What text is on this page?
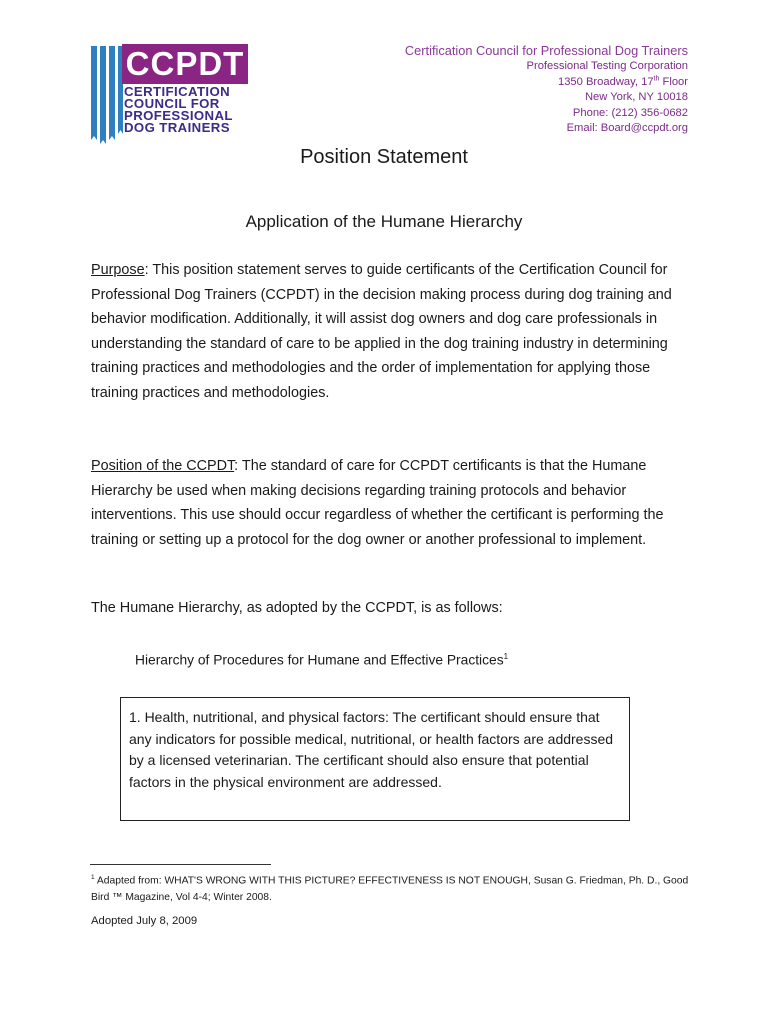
CCPDT
CERTIFICATION
COUNCIL FOR
PROFESSIONAL
DOG TRAINERS
Certification Council for Professional Dog Trainers
Professional Testing Corporation
1350 Broadway, 17th Floor
New York, NY 10018
Phone: (212) 356-0682
Email: Board@ccpdt.org
Position Statement
Application of the Humane Hierarchy
Purpose: This position statement serves to guide certificants of the Certification Council for Professional Dog Trainers (CCPDT) in the decision making process during dog training and behavior modification. Additionally, it will assist dog owners and dog care professionals in understanding the standard of care to be applied in the dog training industry in determining training practices and methodologies and the order of implementation for applying those training practices and methodologies.
Position of the CCPDT: The standard of care for CCPDT certificants is that the Humane Hierarchy be used when making decisions regarding training protocols and behavior interventions. This use should occur regardless of whether the certificant is performing the training or setting up a protocol for the dog owner or another professional to implement.
The Humane Hierarchy, as adopted by the CCPDT, is as follows:
Hierarchy of Procedures for Humane and Effective Practices$^1$
1. Health, nutritional, and physical factors: The certificant should ensure that any indicators for possible medical, nutritional, or health factors are addressed by a licensed veterinarian. The certificant should also ensure that potential factors in the physical environment are addressed.
$^1$ Adapted from: WHAT'S WRONG WITH THIS PICTURE? EFFECTIVENESS IS NOT ENOUGH, Susan G. Friedman, Ph. D., Good Bird ™ Magazine, Vol 4-4; Winter 2008.
Adopted July 8, 2009
